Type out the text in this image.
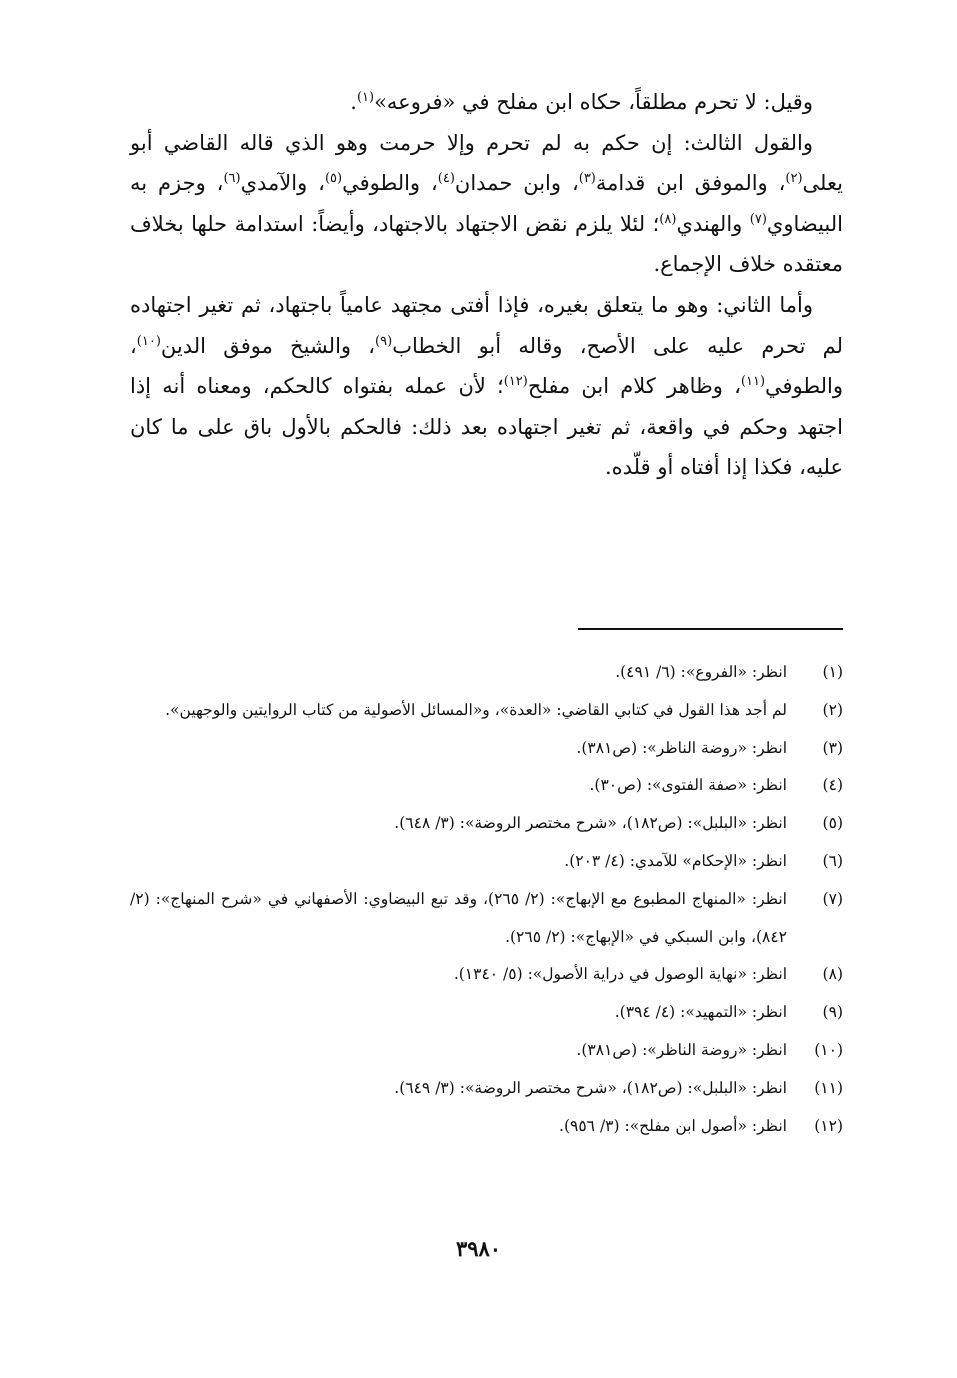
وقيل: لا تحرم مطلقاً، حكاه ابن مفلح في «فروعه»$^{(١)}$.

والقول الثالث: إن حكم به لم تحرم وإلا حرمت وهو الذي قاله القاضي أبو يعلى$^{(٢)}$، والموفق ابن قدامة$^{(٣)}$، وابن حمدان$^{(٤)}$، والطوفي$^{(٥)}$، والآمدي$^{(٦)}$، وجزم به البيضاوي$^{(٧)}$ والهندي$^{(٨)}$؛ لئلا يلزم نقض الاجتهاد بالاجتهاد، وأيضاً: استدامة حلها بخلاف معتقده خلاف الإجماع.

وأما الثاني: وهو ما يتعلق بغيره، فإذا أفتى مجتهد عامياً باجتهاد، ثم تغير اجتهاده لم تحرم عليه على الأصح، وقاله أبو الخطاب$^{(٩)}$، والشيخ موفق الدين$^{(١٠)}$، والطوفي$^{(١١)}$، وظاهر كلام ابن مفلح$^{(١٢)}$؛ لأن عمله بفتواه كالحكم، ومعناه أنه إذا اجتهد وحكم في واقعة، ثم تغير اجتهاده بعد ذلك: فالحكم بالأول باق على ما كان عليه، فكذا إذا أفتاه أو قلّده.

(١)
انظر: «الفروع»: (٦/ ٤٩١).
(٢)
لم أجد هذا القول في كتابي القاضي: «العدة»، و«المسائل الأصولية من كتاب الروايتين والوجهين».
(٣)
انظر: «روضة الناظر»: (ص٣٨١).
(٤)
انظر: «صفة الفتوى»: (ص٣٠).
(٥)
انظر: «البلبل»: (ص١٨٢)، «شرح مختصر الروضة»: (٣/ ٦٤٨).
(٦)
انظر: «الإحكام» للآمدي: (٤/ ٢٠٣).
(٧)
انظر: «المنهاج المطبوع مع الإبهاج»: (٢/ ٢٦٥)، وقد تبع البيضاوي: الأصفهاني في «شرح المنهاج»: (٢/ ٨٤٢)، وابن السبكي في «الإبهاج»: (٢/ ٢٦٥).
(٨)
انظر: «نهاية الوصول في دراية الأصول»: (٥/ ١٣٤٠).
(٩)
انظر: «التمهيد»: (٤/ ٣٩٤).
(١٠)
انظر: «روضة الناظر»: (ص٣٨١).
(١١)
انظر: «البلبل»: (ص١٨٢)، «شرح مختصر الروضة»: (٣/ ٦٤٩).
(١٢)
انظر: «أصول ابن مفلح»: (٣/ ٩٥٦).
٣٩٨٠
